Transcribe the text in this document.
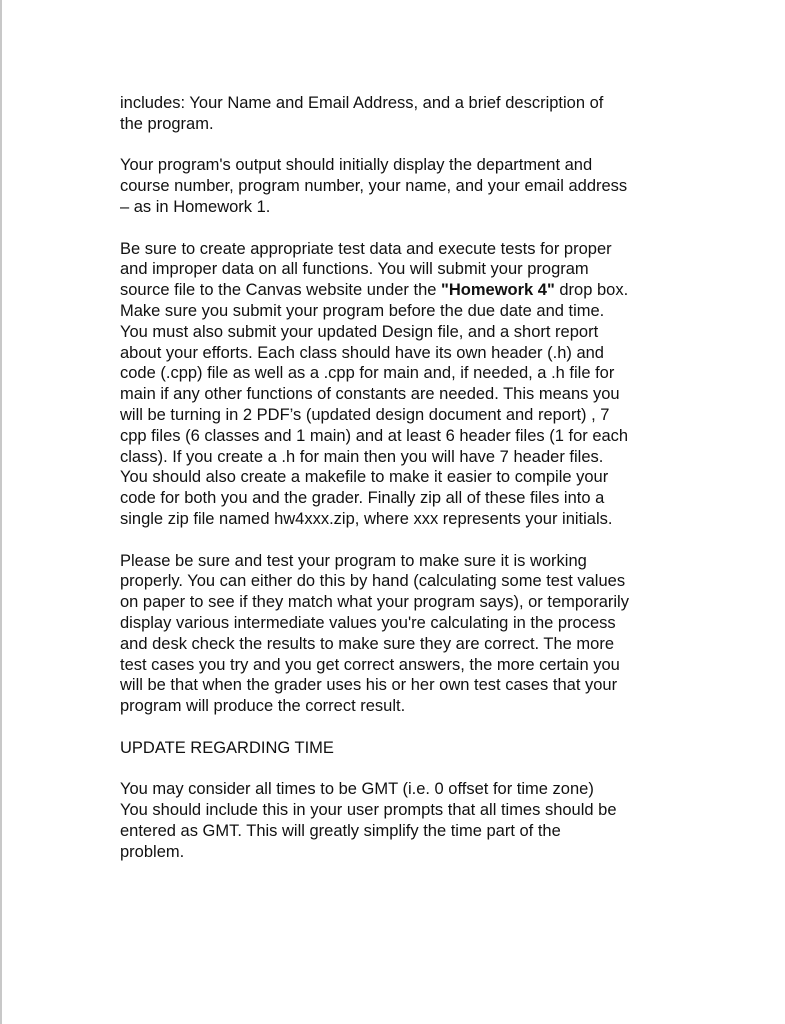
includes: Your Name and Email Address, and a brief description of
the program.

Your program's output should initially display the department and
course number, program number, your name, and your email address
– as in Homework 1.

Be sure to create appropriate test data and execute tests for proper
and improper data on all functions. You will submit your program
source file to the Canvas website under the "Homework 4" drop box.
Make sure you submit your program before the due date and time.
You must also submit your updated Design file, and a short report
about your efforts. Each class should have its own header (.h) and
code (.cpp) file as well as a .cpp for main and, if needed, a .h file for
main if any other functions of constants are needed. This means you
will be turning in 2 PDF’s (updated design document and report) , 7
cpp files (6 classes and 1 main) and at least 6 header files (1 for each
class). If you create a .h for main then you will have 7 header files.
You should also create a makefile to make it easier to compile your
code for both you and the grader. Finally zip all of these files into a
single zip file named hw4xxx.zip, where xxx represents your initials.

Please be sure and test your program to make sure it is working
properly. You can either do this by hand (calculating some test values
on paper to see if they match what your program says), or temporarily
display various intermediate values you're calculating in the process
and desk check the results to make sure they are correct. The more
test cases you try and you get correct answers, the more certain you
will be that when the grader uses his or her own test cases that your
program will produce the correct result.

UPDATE REGARDING TIME

You may consider all times to be GMT (i.e. 0 offset for time zone)
You should include this in your user prompts that all times should be
entered as GMT. This will greatly simplify the time part of the
problem.
